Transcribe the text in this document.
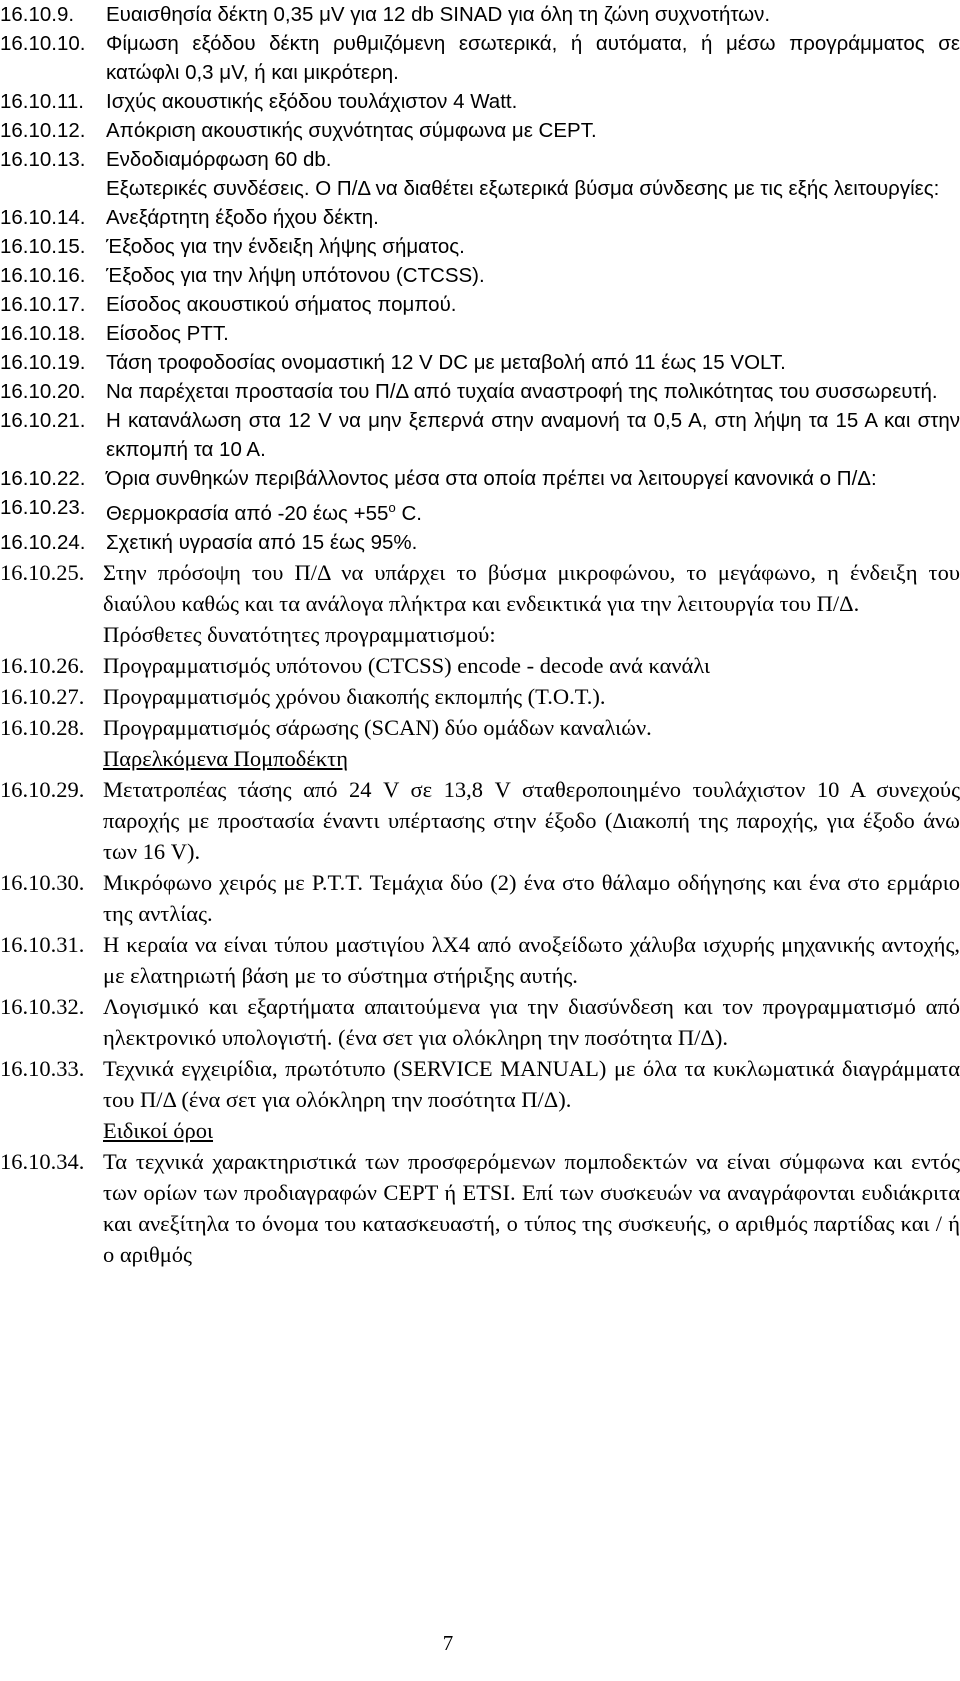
16.10.9. Ευαισθησία δέκτη 0,35 μV για 12 db SINAD για όλη τη ζώνη συχνοτήτων.
16.10.10. Φίμωση εξόδου δέκτη ρυθμιζόμενη εσωτερικά, ή αυτόματα, ή μέσω προγράμματος σε κατώφλι 0,3 μV, ή και μικρότερη.
16.10.11. Ισχύς ακουστικής εξόδου τουλάχιστον 4 Watt.
16.10.12. Απόκριση ακουστικής συχνότητας σύμφωνα με CEPT.
16.10.13. Ενδοδιαμόρφωση 60 db.
Εξωτερικές συνδέσεις. Ο Π/Δ να διαθέτει εξωτερικά βύσμα σύνδεσης με τις εξής λειτουργίες:
16.10.14. Ανεξάρτητη έξοδο ήχου δέκτη.
16.10.15. Έξοδος για την ένδειξη λήψης σήματος.
16.10.16. Έξοδος για την λήψη υπότονου (CTCSS).
16.10.17. Είσοδος ακουστικού σήματος πομπού.
16.10.18. Είσοδος PTT.
16.10.19. Τάση τροφοδοσίας ονομαστική 12 V DC με μεταβολή από 11 έως 15 VOLT.
16.10.20. Να παρέχεται προστασία του Π/Δ από τυχαία αναστροφή της πολικότητας του συσσωρευτή.
16.10.21. Η κατανάλωση στα 12 V να μην ξεπερνά στην αναμονή τα 0,5 Α, στη λήψη τα 15 Α και στην εκπομπή τα 10 Α.
16.10.22. Όρια συνθηκών περιβάλλοντος μέσα στα οποία πρέπει να λειτουργεί κανονικά ο Π/Δ:
16.10.23. Θερμοκρασία από -20 $έ\omega\varsigma +55^o$ C.
16.10.24. Σχετική υγρασία από 15 έως 95%.
16.10.25. Στην πρόσοψη του Π/Δ να υπάρχει το βύσμα μικροφώνου, το μεγάφωνο, η ένδειξη του διαύλου καθώς και τα ανάλογα πλήκτρα και ενδεικτικά για την λειτουργία του Π/Δ.
Πρόσθετες δυνατότητες προγραμματισμού:
16.10.26. Προγραμματισμός υπότονου (CTCSS) encode - decode ανά κανάλι
16.10.27. Προγραμματισμός χρόνου διακοπής εκπομπής (Τ.Ο.Τ.).
16.10.28. Προγραμματισμός σάρωσης (SCAN) δύο ομάδων καναλιών.
Παρελκόμενα Πομποδέκτη
16.10.29. Μετατροπέας τάσης από 24 V σε 13,8 V σταθεροποιημένο τουλάχιστον 10 Α συνεχούς παροχής με προστασία έναντι υπέρτασης στην έξοδο (Διακοπή της παροχής, για έξοδο άνω των 16 V).
16.10.30. Μικρόφωνο χειρός με Ρ.Τ.Τ. Τεμάχια δύο (2) ένα στο θάλαμο οδήγησης και ένα στο ερμάριο της αντλίας.
16.10.31. Η κεραία να είναι τύπου μαστιγίου λΧ4 από ανοξείδωτο χάλυβα ισχυρής μηχανικής αντοχής, με ελατηριωτή βάση με το σύστημα στήριξης αυτής.
16.10.32. Λογισμικό και εξαρτήματα απαιτούμενα για την διασύνδεση και τον προγραμματισμό από ηλεκτρονικό υπολογιστή. (ένα σετ για ολόκληρη την ποσότητα Π/Δ).
16.10.33. Τεχνικά εγχειρίδια, πρωτότυπο (SERVICE MANUAL) με όλα τα κυκλωματικά διαγράμματα του Π/Δ (ένα σετ για ολόκληρη την ποσότητα Π/Δ).
Ειδικοί όροι
16.10.34. Τα τεχνικά χαρακτηριστικά των προσφερόμενων πομποδεκτών να είναι σύμφωνα και εντός των ορίων των προδιαγραφών CEPT ή ETSI. Επί των συσκευών να αναγράφονται ευδιάκριτα και ανεξίτηλα το όνομα του κατασκευαστή, ο τύπος της συσκευής, ο αριθμός παρτίδας και / ή ο αριθμός
7
